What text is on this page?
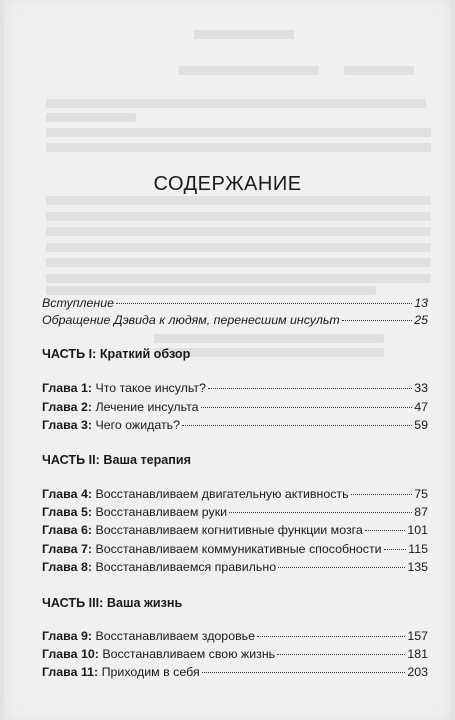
СОДЕРЖАНИЕ
Вступление	13
Обращение Дэвида к людям, перенесшим инсульт	25
ЧАСТЬ I: Краткий обзор
Глава 1: Что такое инсульт?	33
Глава 2: Лечение инсульта	47
Глава 3: Чего ожидать?	59
ЧАСТЬ II: Ваша терапия
Глава 4: Восстанавливаем двигательную активность	75
Глава 5: Восстанавливаем руки	87
Глава 6: Восстанавливаем когнитивные функции мозга	101
Глава 7: Восстанавливаем коммуникативные способности 115
Глава 8: Восстанавливаемся правильно	135
ЧАСТЬ III: Ваша жизнь
Глава 9: Восстанавливаем здоровье	157
Глава 10: Восстанавливаем свою жизнь	181
Глава 11: Приходим в себя	203
